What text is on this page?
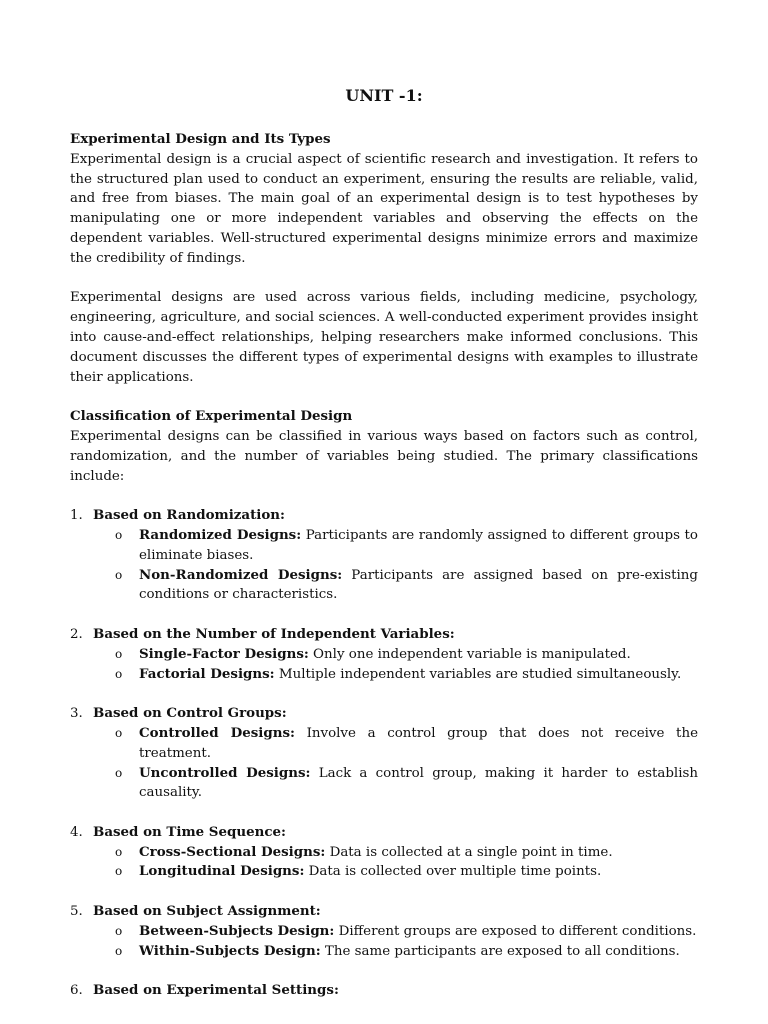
UNIT -1:
Experimental Design and Its Types

Experimental design is a crucial aspect of scientific research and investigation. It refers to the structured plan used to conduct an experiment, ensuring the results are reliable, valid, and free from biases. The main goal of an experimental design is to test hypotheses by manipulating one or more independent variables and observing the effects on the dependent variables. Well-structured experimental designs minimize errors and maximize the credibility of findings.

Experimental designs are used across various fields, including medicine, psychology, engineering, agriculture, and social sciences. A well-conducted experiment provides insight into cause-and-effect relationships, helping researchers make informed conclusions. This document discusses the different types of experimental designs with examples to illustrate their applications.

Classification of Experimental Design

Experimental designs can be classified in various ways based on factors such as control, randomization, and the number of variables being studied. The primary classifications include:

1. Based on Randomization:
o Randomized Designs: Participants are randomly assigned to different groups to eliminate biases.
o Non-Randomized Designs: Participants are assigned based on pre-existing conditions or characteristics.
2. Based on the Number of Independent Variables:
o Single-Factor Designs: Only one independent variable is manipulated.
o Factorial Designs: Multiple independent variables are studied simultaneously.
3. Based on Control Groups:
o Controlled Designs: Involve a control group that does not receive the treatment.
o Uncontrolled Designs: Lack a control group, making it harder to establish causality.
4. Based on Time Sequence:
o Cross-Sectional Designs: Data is collected at a single point in time.
o Longitudinal Designs: Data is collected over multiple time points.
5. Based on Subject Assignment:
o Between-Subjects Design: Different groups are exposed to different conditions.
o Within-Subjects Design: The same participants are exposed to all conditions.
6. Based on Experimental Settings:
